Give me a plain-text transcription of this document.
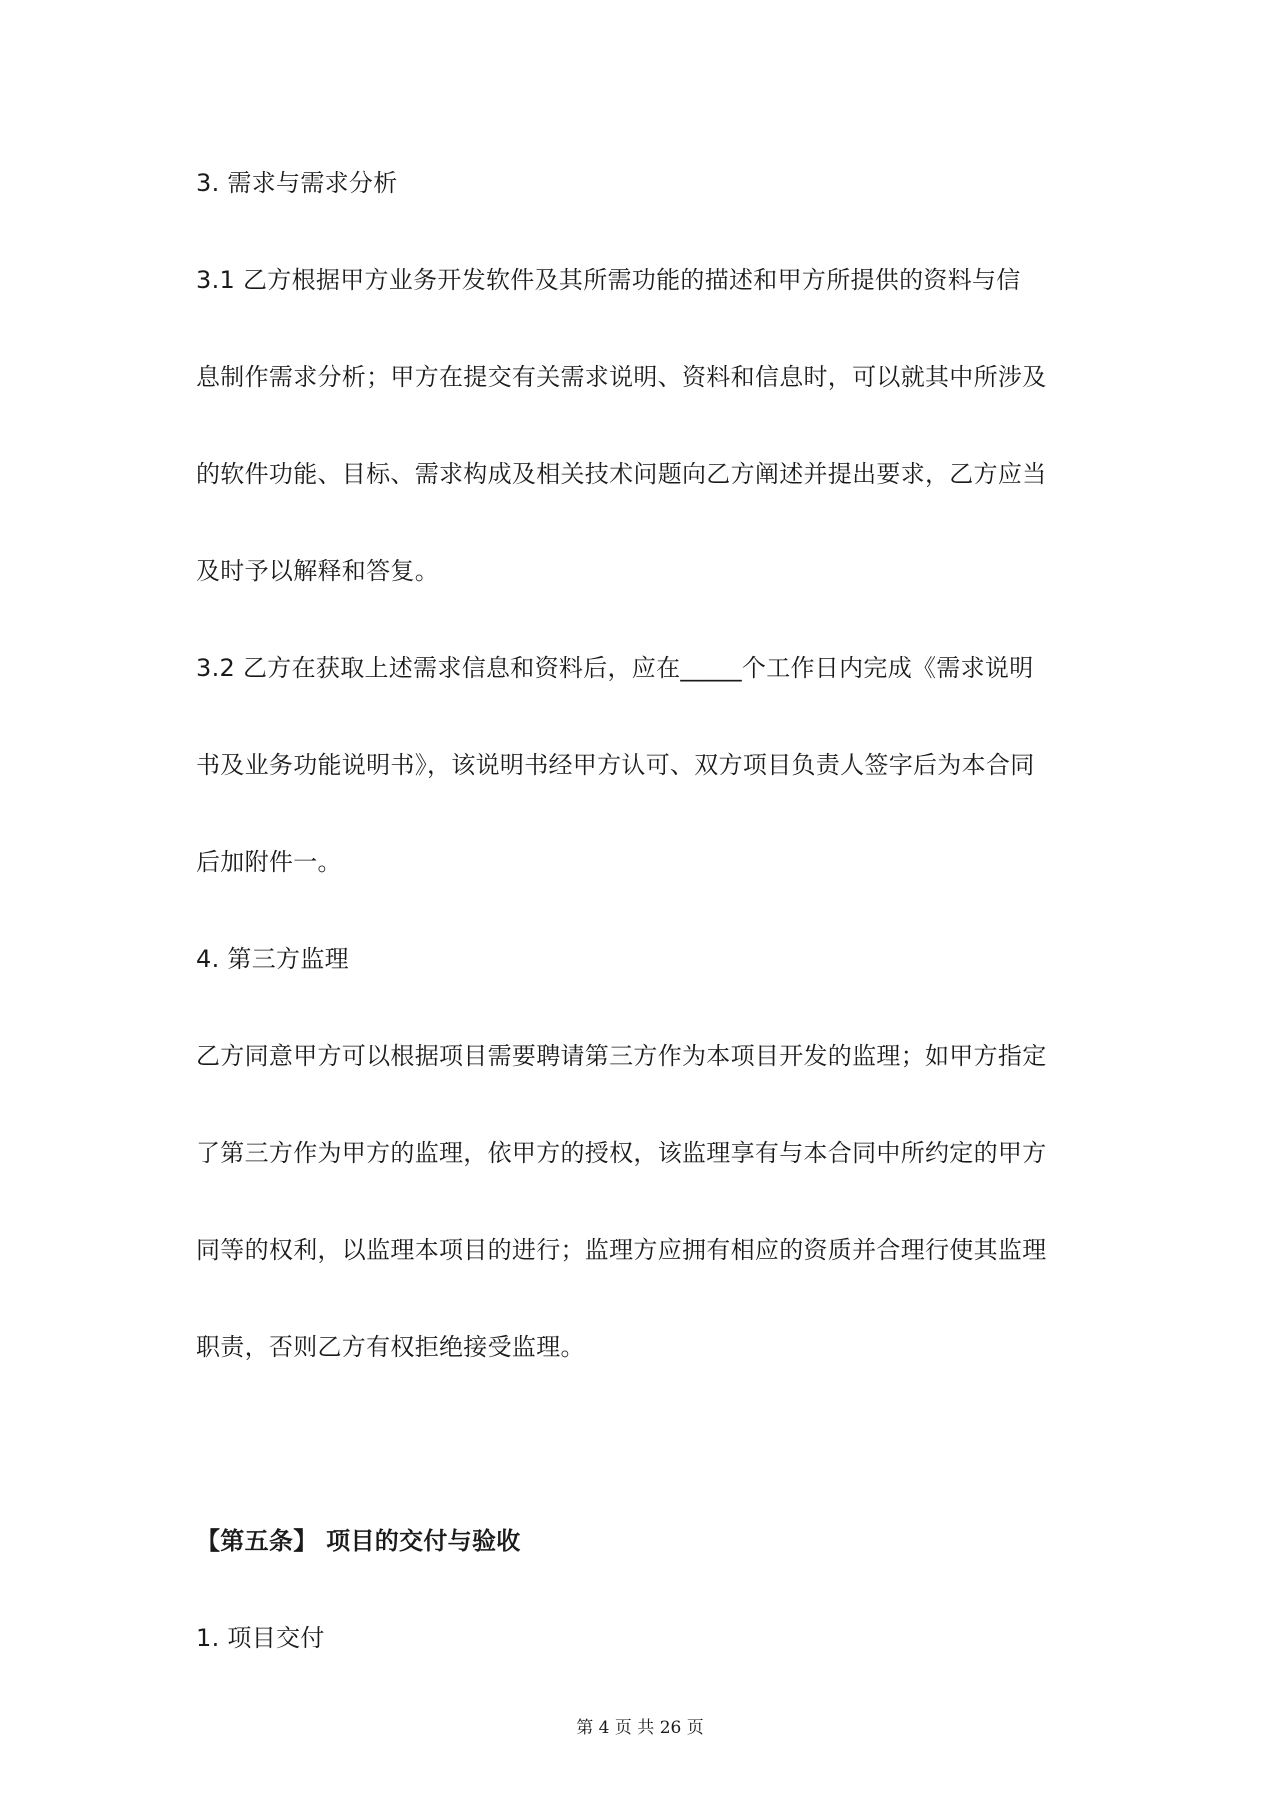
3. 需求与需求分析
3.1 乙方根据甲方业务开发软件及其所需功能的描述和甲方所提供的资料与信
息制作需求分析；甲方在提交有关需求说明、资料和信息时，可以就其中所涉及
的软件功能、目标、需求构成及相关技术问题向乙方阐述并提出要求，乙方应当
及时予以解释和答复。
3.2 乙方在获取上述需求信息和资料后，应在_____个工作日内完成《需求说明
书及业务功能说明书》，该说明书经甲方认可、双方项目负责人签字后为本合同
后加附件一。
4. 第三方监理
乙方同意甲方可以根据项目需要聘请第三方作为本项目开发的监理；如甲方指定
了第三方作为甲方的监理，依甲方的授权，该监理享有与本合同中所约定的甲方
同等的权利，以监理本项目的进行；监理方应拥有相应的资质并合理行使其监理
职责，否则乙方有权拒绝接受监理。
【第五条】 项目的交付与验收
1. 项目交付
第 4 页 共 26 页
